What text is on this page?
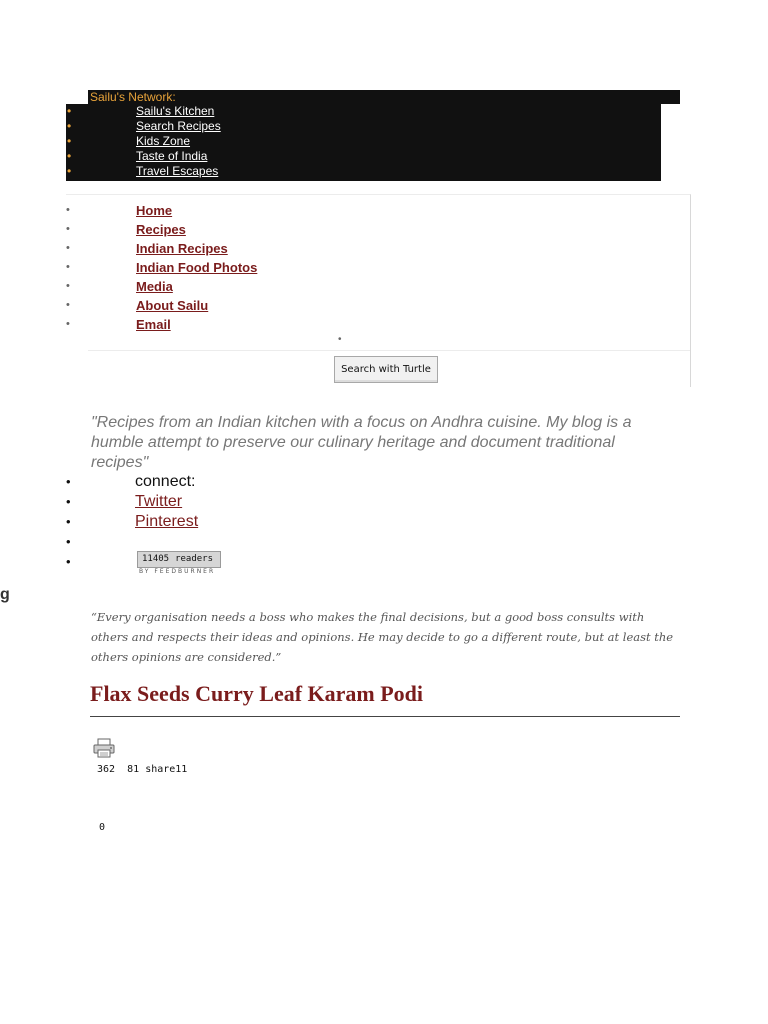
Sailu's Network:
•	Sailu's Kitchen
•	Search Recipes
•	Kids Zone
•	Taste of India
•	Travel Escapes
•	Home
•	Recipes
•	Indian Recipes
•	Indian Food Photos
•	Media
•	About Sailu
•	Email
•
Search with Turtle

"Recipes from an Indian kitchen with a focus on Andhra cuisine. My blog is a humble attempt to preserve our culinary heritage and document traditional recipes"

•	connect:
•	Twitter
•	Pinterest
•
•	11405 readers
BY FEEDBURNER
g

“Every organisation needs a boss who makes the final decisions, but a good boss consults with others and respects their ideas and opinions. He may decide to go a different route, but at least the others opinions are considered.”

Flax Seeds Curry Leaf Karam Podi
362 81 share11
0
